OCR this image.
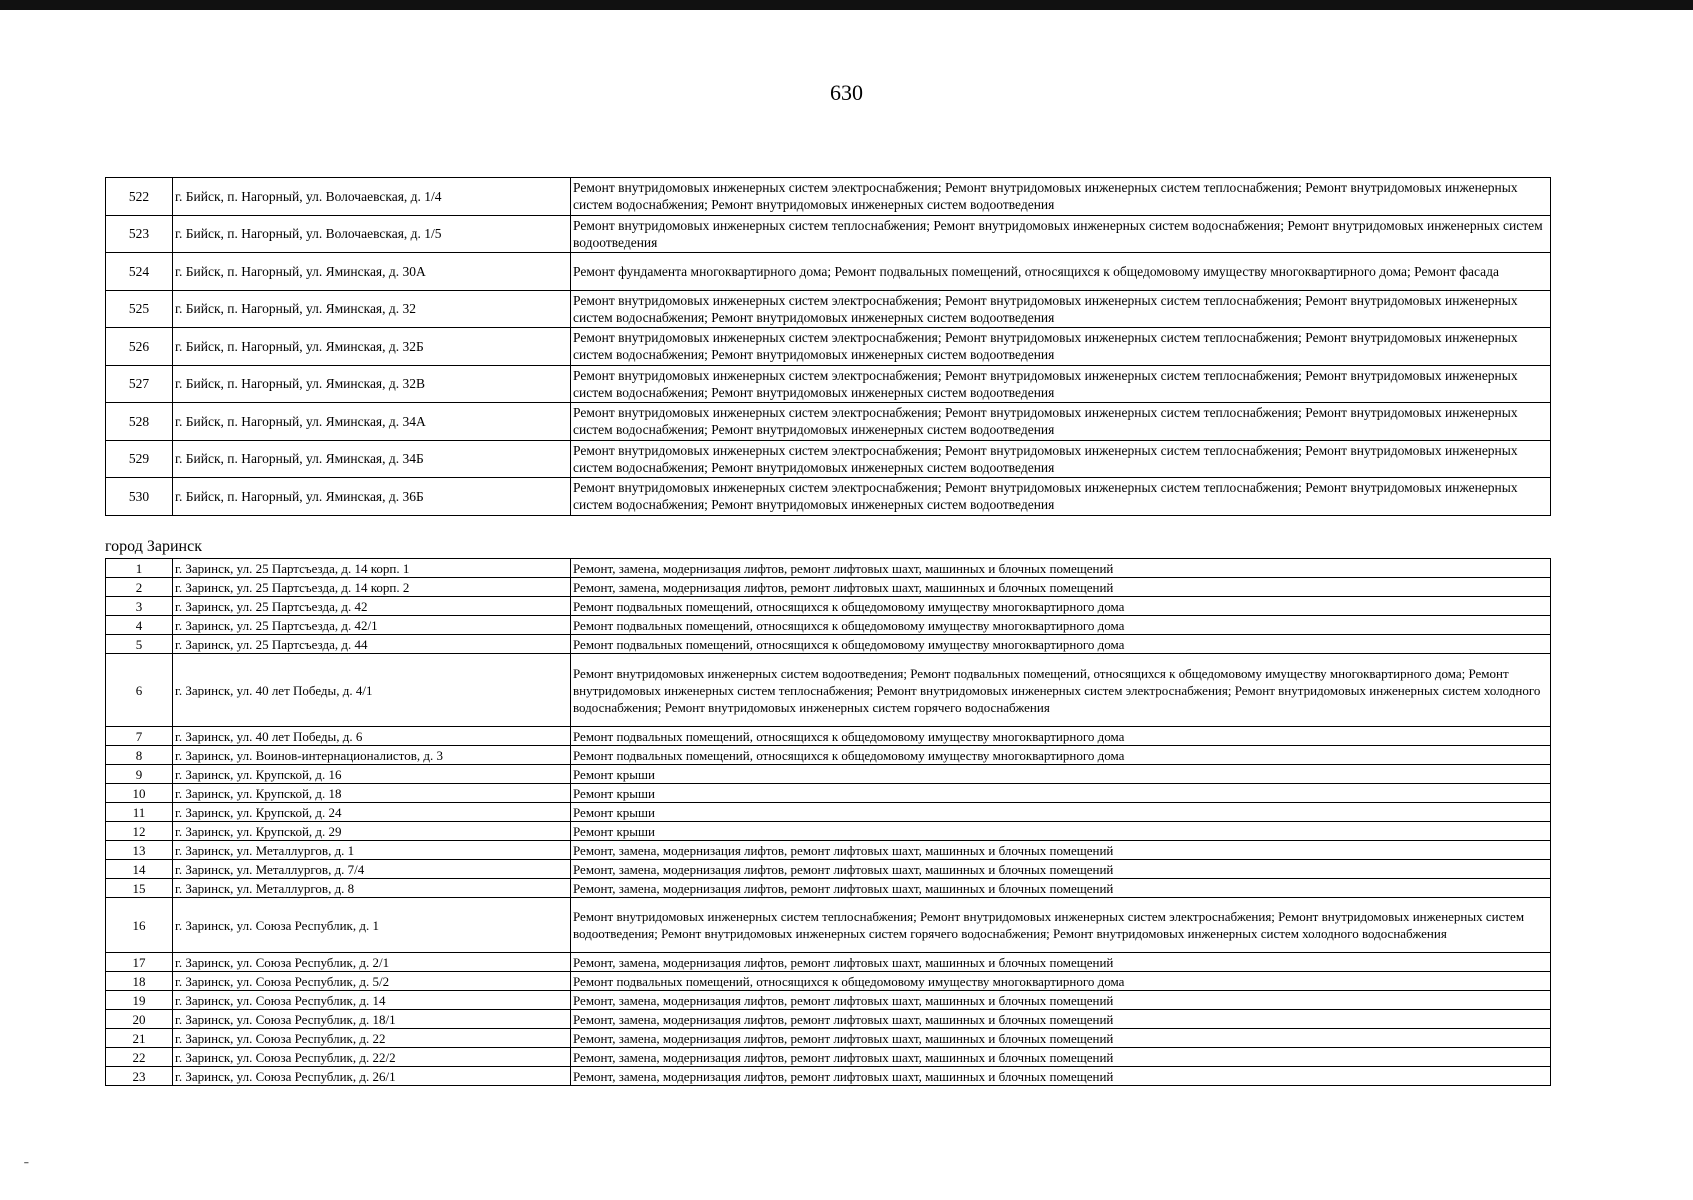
630
522	г. Бийск, п. Нагорный, ул. Волочаевская, д. 1/4	Ремонт внутридомовых инженерных систем электроснабжения; Ремонт внутридомовых инженерных систем теплоснабжения; Ремонт внутридомовых инженерных систем водоснабжения; Ремонт внутридомовых инженерных систем водоотведения
523	г. Бийск, п. Нагорный, ул. Волочаевская, д. 1/5	Ремонт внутридомовых инженерных систем теплоснабжения; Ремонт внутридомовых инженерных систем водоснабжения; Ремонт внутридомовых инженерных систем водоотведения
524	г. Бийск, п. Нагорный, ул. Яминская, д. 30А	Ремонт фундамента многоквартирного дома; Ремонт подвальных помещений, относящихся к общедомовому имуществу многоквартирного дома; Ремонт фасада
525	г. Бийск, п. Нагорный, ул. Яминская, д. 32	Ремонт внутридомовых инженерных систем электроснабжения; Ремонт внутридомовых инженерных систем теплоснабжения; Ремонт внутридомовых инженерных систем водоснабжения; Ремонт внутридомовых инженерных систем водоотведения
526	г. Бийск, п. Нагорный, ул. Яминская, д. 32Б	Ремонт внутридомовых инженерных систем электроснабжения; Ремонт внутридомовых инженерных систем теплоснабжения; Ремонт внутридомовых инженерных систем водоснабжения; Ремонт внутридомовых инженерных систем водоотведения
527	г. Бийск, п. Нагорный, ул. Яминская, д. 32В	Ремонт внутридомовых инженерных систем электроснабжения; Ремонт внутридомовых инженерных систем теплоснабжения; Ремонт внутридомовых инженерных систем водоснабжения; Ремонт внутридомовых инженерных систем водоотведения
528	г. Бийск, п. Нагорный, ул. Яминская, д. 34А	Ремонт внутридомовых инженерных систем электроснабжения; Ремонт внутридомовых инженерных систем теплоснабжения; Ремонт внутридомовых инженерных систем водоснабжения; Ремонт внутридомовых инженерных систем водоотведения
529	г. Бийск, п. Нагорный, ул. Яминская, д. 34Б	Ремонт внутридомовых инженерных систем электроснабжения; Ремонт внутридомовых инженерных систем теплоснабжения; Ремонт внутридомовых инженерных систем водоснабжения; Ремонт внутридомовых инженерных систем водоотведения
530	г. Бийск, п. Нагорный, ул. Яминская, д. 36Б	Ремонт внутридомовых инженерных систем электроснабжения; Ремонт внутридомовых инженерных систем теплоснабжения; Ремонт внутридомовых инженерных систем водоснабжения; Ремонт внутридомовых инженерных систем водоотведения
город Заринск
1	г. Заринск, ул. 25 Партсъезда, д. 14 корп. 1	Ремонт, замена, модернизация лифтов, ремонт лифтовых шахт, машинных и блочных помещений
2	г. Заринск, ул. 25 Партсъезда, д. 14 корп. 2	Ремонт, замена, модернизация лифтов, ремонт лифтовых шахт, машинных и блочных помещений
3	г. Заринск, ул. 25 Партсъезда, д. 42	Ремонт подвальных помещений, относящихся к общедомовому имуществу многоквартирного дома
4	г. Заринск, ул. 25 Партсъезда, д. 42/1	Ремонт подвальных помещений, относящихся к общедомовому имуществу многоквартирного дома
5	г. Заринск, ул. 25 Партсъезда, д. 44	Ремонт подвальных помещений, относящихся к общедомовому имуществу многоквартирного дома
6	г. Заринск, ул. 40 лет Победы, д. 4/1	Ремонт внутридомовых инженерных систем водоотведения; Ремонт подвальных помещений, относящихся к общедомовому имуществу многоквартирного дома; Ремонт внутридомовых инженерных систем теплоснабжения; Ремонт внутридомовых инженерных систем электроснабжения; Ремонт внутридомовых инженерных систем холодного водоснабжения; Ремонт внутридомовых инженерных систем горячего водоснабжения
7	г. Заринск, ул. 40 лет Победы, д. 6	Ремонт подвальных помещений, относящихся к общедомовому имуществу многоквартирного дома
8	г. Заринск, ул. Воинов-интернационалистов, д. 3	Ремонт подвальных помещений, относящихся к общедомовому имуществу многоквартирного дома
9	г. Заринск, ул. Крупской, д. 16	Ремонт крыши
10	г. Заринск, ул. Крупской, д. 18	Ремонт крыши
11	г. Заринск, ул. Крупской, д. 24	Ремонт крыши
12	г. Заринск, ул. Крупской, д. 29	Ремонт крыши
13	г. Заринск, ул. Металлургов, д. 1	Ремонт, замена, модернизация лифтов, ремонт лифтовых шахт, машинных и блочных помещений
14	г. Заринск, ул. Металлургов, д. 7/4	Ремонт, замена, модернизация лифтов, ремонт лифтовых шахт, машинных и блочных помещений
15	г. Заринск, ул. Металлургов, д. 8	Ремонт, замена, модернизация лифтов, ремонт лифтовых шахт, машинных и блочных помещений
16	г. Заринск, ул. Союза Республик, д. 1	Ремонт внутридомовых инженерных систем теплоснабжения; Ремонт внутридомовых инженерных систем электроснабжения; Ремонт внутридомовых инженерных систем водоотведения; Ремонт внутридомовых инженерных систем горячего водоснабжения; Ремонт внутридомовых инженерных систем холодного водоснабжения
17	г. Заринск, ул. Союза Республик, д. 2/1	Ремонт, замена, модернизация лифтов, ремонт лифтовых шахт, машинных и блочных помещений
18	г. Заринск, ул. Союза Республик, д. 5/2	Ремонт подвальных помещений, относящихся к общедомовому имуществу многоквартирного дома
19	г. Заринск, ул. Союза Республик, д. 14	Ремонт, замена, модернизация лифтов, ремонт лифтовых шахт, машинных и блочных помещений
20	г. Заринск, ул. Союза Республик, д. 18/1	Ремонт, замена, модернизация лифтов, ремонт лифтовых шахт, машинных и блочных помещений
21	г. Заринск, ул. Союза Республик, д. 22	Ремонт, замена, модернизация лифтов, ремонт лифтовых шахт, машинных и блочных помещений
22	г. Заринск, ул. Союза Республик, д. 22/2	Ремонт, замена, модернизация лифтов, ремонт лифтовых шахт, машинных и блочных помещений
23	г. Заринск, ул. Союза Республик, д. 26/1	Ремонт, замена, модернизация лифтов, ремонт лифтовых шахт, машинных и блочных помещений
ˉ
